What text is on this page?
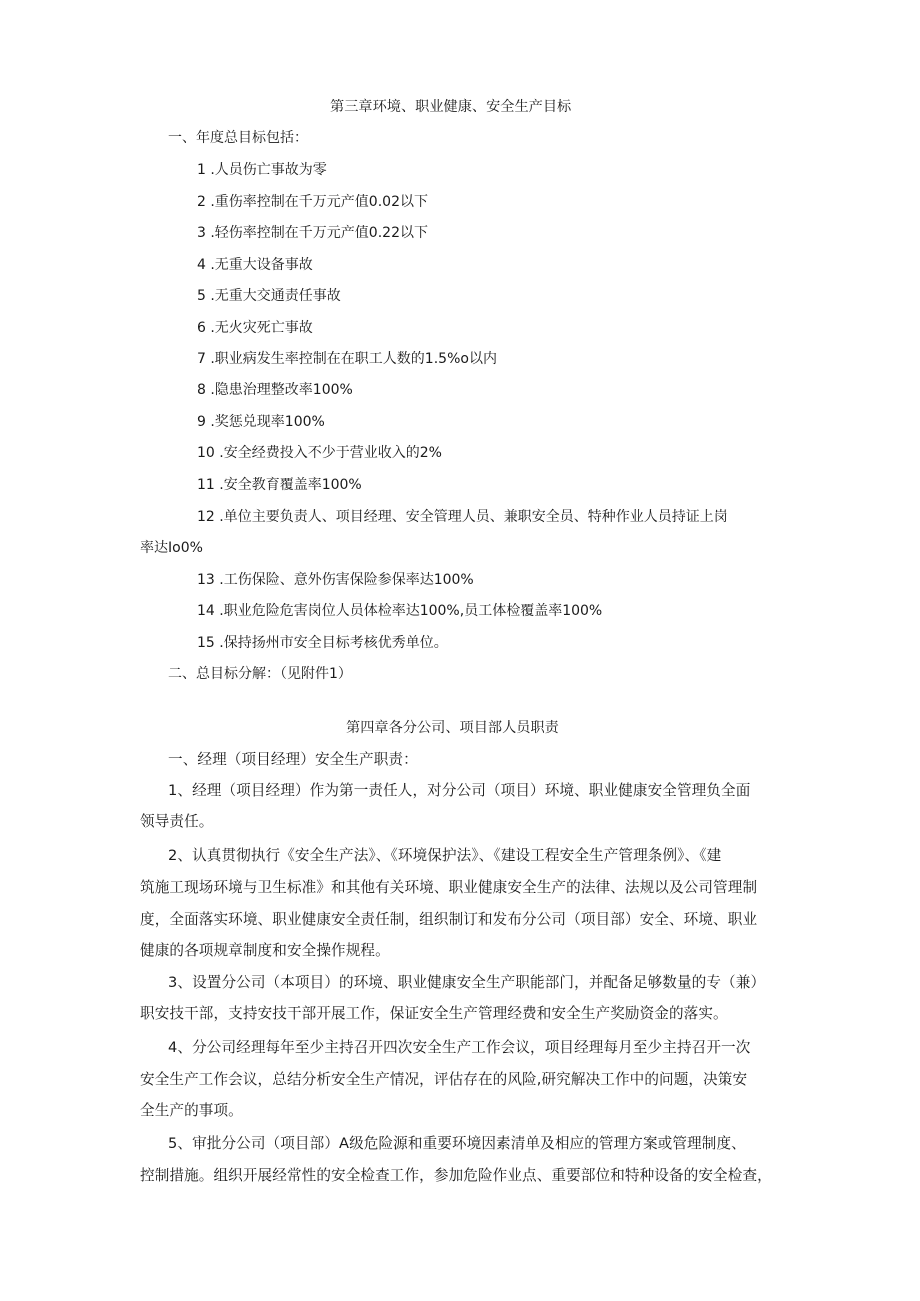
第三章环境、职业健康、安全生产目标
一、年度总目标包括：
1 .人员伤亡事故为零
2 .重伤率控制在千万元产值0.02以下
3 .轻伤率控制在千万元产值0.22以下
4 .无重大设备事故
5 .无重大交通责任事故
6 .无火灾死亡事故
7 .职业病发生率控制在在职工人数的1.5%o以内
8 .隐患治理整改率100%
9 .奖惩兑现率100%
10 .安全经费投入不少于营业收入的2%
11 .安全教育覆盖率100%
12 .单位主要负责人、项目经理、安全管理人员、兼职安全员、特种作业人员持证上岗
率达Io0%
13 .工伤保险、意外伤害保险参保率达100%
14 .职业危险危害岗位人员体检率达100%,员工体检覆盖率100%
15 .保持扬州市安全目标考核优秀单位。
二、总目标分解：（见附件1）
第四章各分公司、项目部人员职责
一、经理（项目经理）安全生产职责：
1、经理（项目经理）作为第一责任人，对分公司（项目）环境、职业健康安全管理负全面
领导责任。
2、认真贯彻执行《安全生产法》、《环境保护法》、《建设工程安全生产管理条例》、《建
筑施工现场环境与卫生标准》和其他有关环境、职业健康安全生产的法律、法规以及公司管理制
度，全面落实环境、职业健康安全责任制，组织制订和发布分公司（项目部）安全、环境、职业
健康的各项规章制度和安全操作规程。
3、设置分公司（本项目）的环境、职业健康安全生产职能部门，并配备足够数量的专（兼）
职安技干部，支持安技干部开展工作，保证安全生产管理经费和安全生产奖励资金的落实。
4、分公司经理每年至少主持召开四次安全生产工作会议，项目经理每月至少主持召开一次
安全生产工作会议，总结分析安全生产情况，评估存在的风险,研究解决工作中的问题，决策安
全生产的事项。
5、审批分公司（项目部）A级危险源和重要环境因素清单及相应的管理方案或管理制度、
控制措施。组织开展经常性的安全检查工作，参加危险作业点、重要部位和特种设备的安全检查，
